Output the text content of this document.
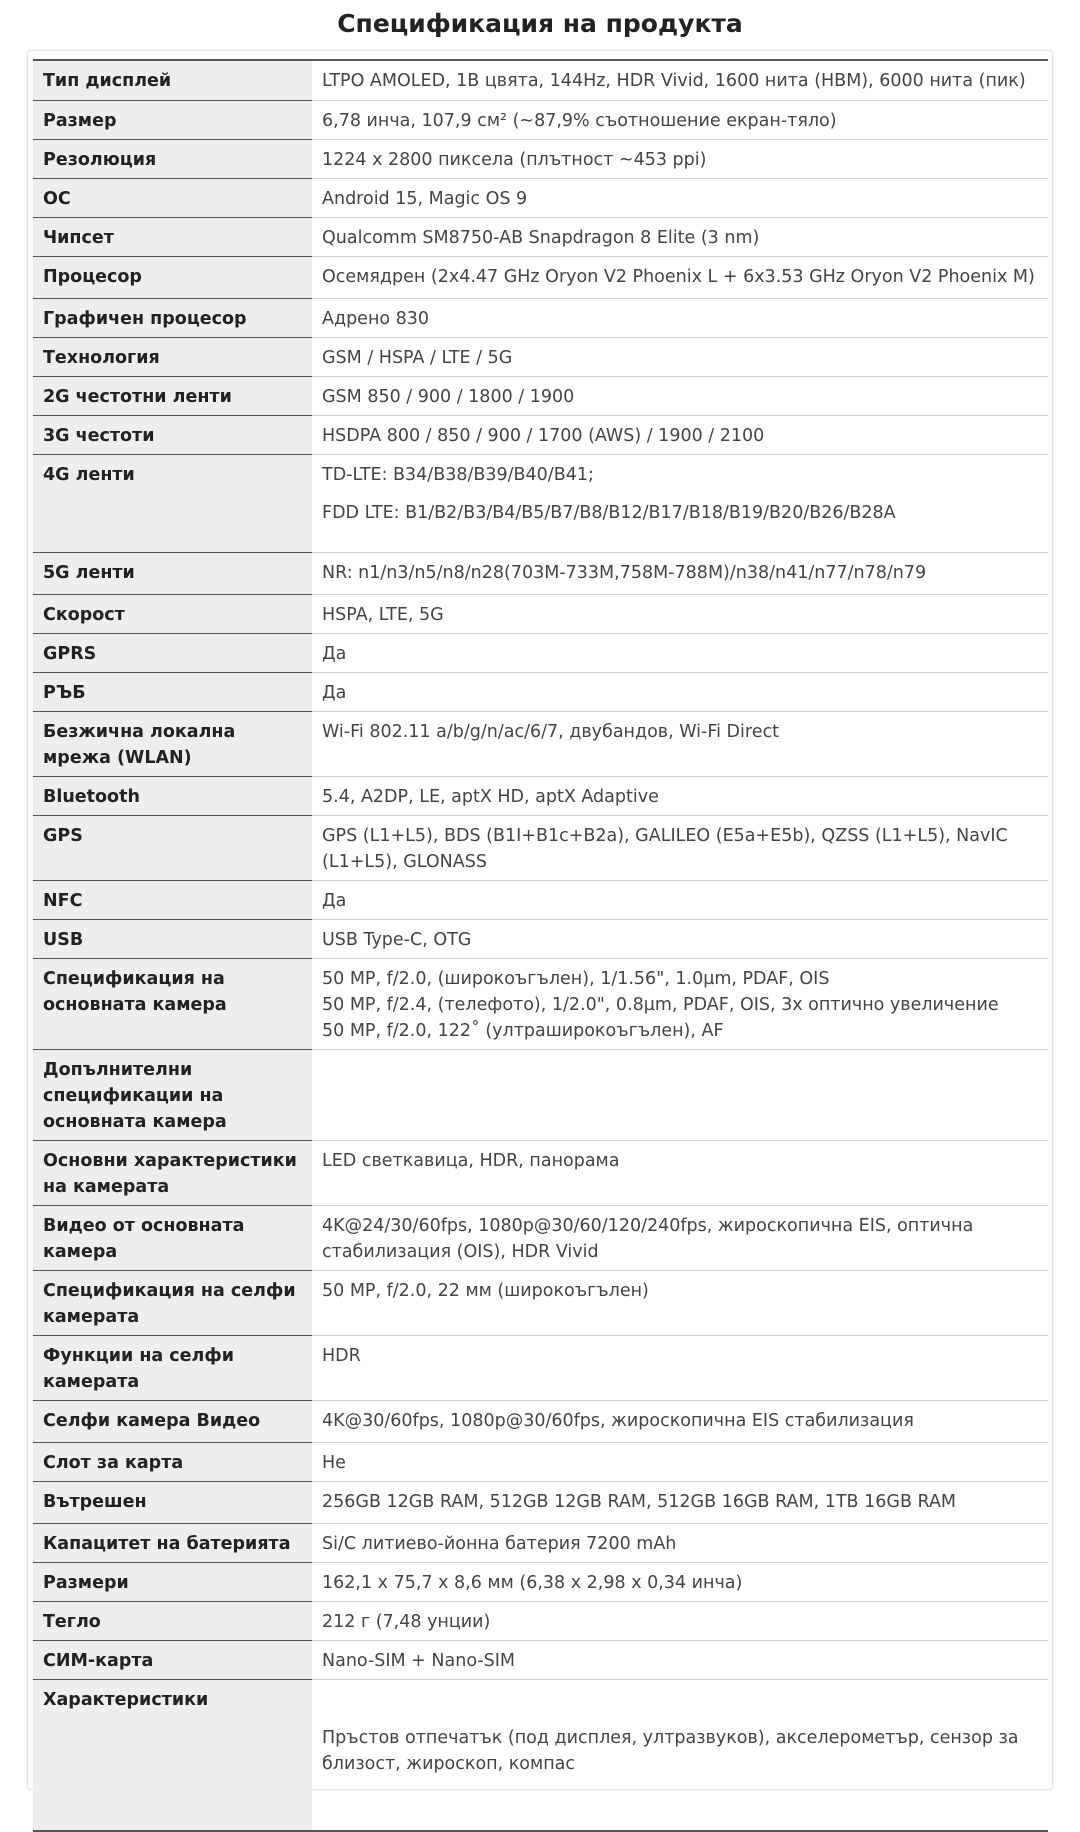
Спецификация на продукта
Тип дисплей	LTPO AMOLED, 1B цвята, 144Hz, HDR Vivid, 1600 нита (HBM), 6000 нита (пик)

Размер	6,78 инча, 107,9 см² (~87,9% съотношение екран-тяло)

Резолюция	1224 x 2800 пиксела (плътност ~453 ppi)

ОС	Android 15, Magic OS 9

Чипсет	Qualcomm SM8750-AB Snapdragon 8 Elite (3 nm)

Процесор	Осемядрен (2x4.47 GHz Oryon V2 Phoenix L + 6x3.53 GHz Oryon V2 Phoenix M)

Графичен процесор	Адрено 830

Технология	GSM / HSPA / LTE / 5G

2G честотни ленти	GSM 850 / 900 / 1800 / 1900

3G честоти	HSDPA 800 / 850 / 900 / 1700 (AWS) / 1900 / 2100

4G ленти	TD-LTE: B34/B38/B39/B40/B41;
FDD LTE: B1/B2/B3/B4/B5/B7/B8/B12/B17/B18/B19/B20/B26/B28A

5G ленти	NR: n1/n3/n5/n8/n28(703M-733M,758M-788M)/n38/n41/n77/n78/n79

Скорост	HSPA, LTE, 5G

GPRS	Да

РЪБ	Да

Безжична локална мрежа (WLAN)	Wi-Fi 802.11 a/b/g/n/ac/6/7, двубандов, Wi-Fi Direct

Bluetooth	5.4, A2DP, LE, aptX HD, aptX Adaptive

GPS	GPS (L1+L5), BDS (B1I+B1c+B2a), GALILEO (E5a+E5b), QZSS (L1+L5), NavIC (L1+L5), GLONASS

NFC	Да

USB	USB Type-C, OTG

Спецификация на основната камера	50 MP, f/2.0, (широкоъгълен), 1/1.56", 1.0µm, PDAF, OIS
50 MP, f/2.4, (телефото), 1/2.0", 0.8µm, PDAF, OIS, 3x оптично увеличение
50 MP, f/2.0, 122˚ (ултраширокоъгълен), AF

Допълнителни спецификации на основната камера	
Основни характеристики на камерата	LED светкавица, HDR, панорама

Видео от основната камера	4K@24/30/60fps, 1080p@30/60/120/240fps, жироскопична EIS, оптична стабилизация (OIS), HDR Vivid

Спецификация на селфи камерата	50 MP, f/2.0, 22 мм (широкоъгълен)

Функции на селфи камерата	HDR

Селфи камера Видео	4K@30/60fps, 1080p@30/60fps, жироскопична EIS стабилизация

Слот за карта	Не

Вътрешен	256GB 12GB RAM, 512GB 12GB RAM, 512GB 16GB RAM, 1TB 16GB RAM

Капацитет на батерията	Si/C литиево-йонна батерия 7200 mAh

Размери	162,1 x 75,7 x 8,6 мм (6,38 x 2,98 x 0,34 инча)

Тегло	212 г (7,48 унции)

СИМ-карта	Nano-SIM + Nano-SIM

Характеристики	Пръстов отпечатък (под дисплея, ултразвуков), акселерометър, сензор за близост, жироскоп, компас
